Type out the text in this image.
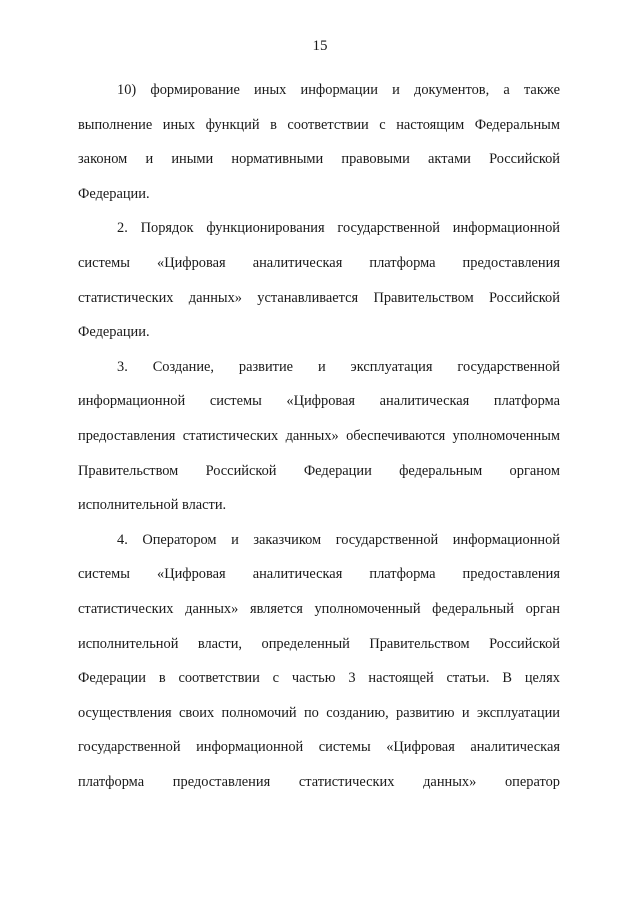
15
10) формирование иных информации и документов, а также
выполнение иных функций в соответствии с настоящим Федеральным
законом и иными нормативными правовыми актами Российской
Федерации.
2. Порядок функционирования государственной информационной
системы «Цифровая аналитическая платформа предоставления
статистических данных» устанавливается Правительством Российской
Федерации.
3. Создание, развитие и эксплуатация государственной
информационной системы «Цифровая аналитическая платформа
предоставления статистических данных» обеспечиваются уполномоченным
Правительством Российской Федерации федеральным органом
исполнительной власти.
4. Оператором и заказчиком государственной информационной
системы «Цифровая аналитическая платформа предоставления
статистических данных» является уполномоченный федеральный орган
исполнительной власти, определенный Правительством Российской
Федерации в соответствии с частью 3 настоящей статьи. В целях
осуществления своих полномочий по созданию, развитию и эксплуатации
государственной информационной системы «Цифровая аналитическая
платформа предоставления статистических данных» оператор
